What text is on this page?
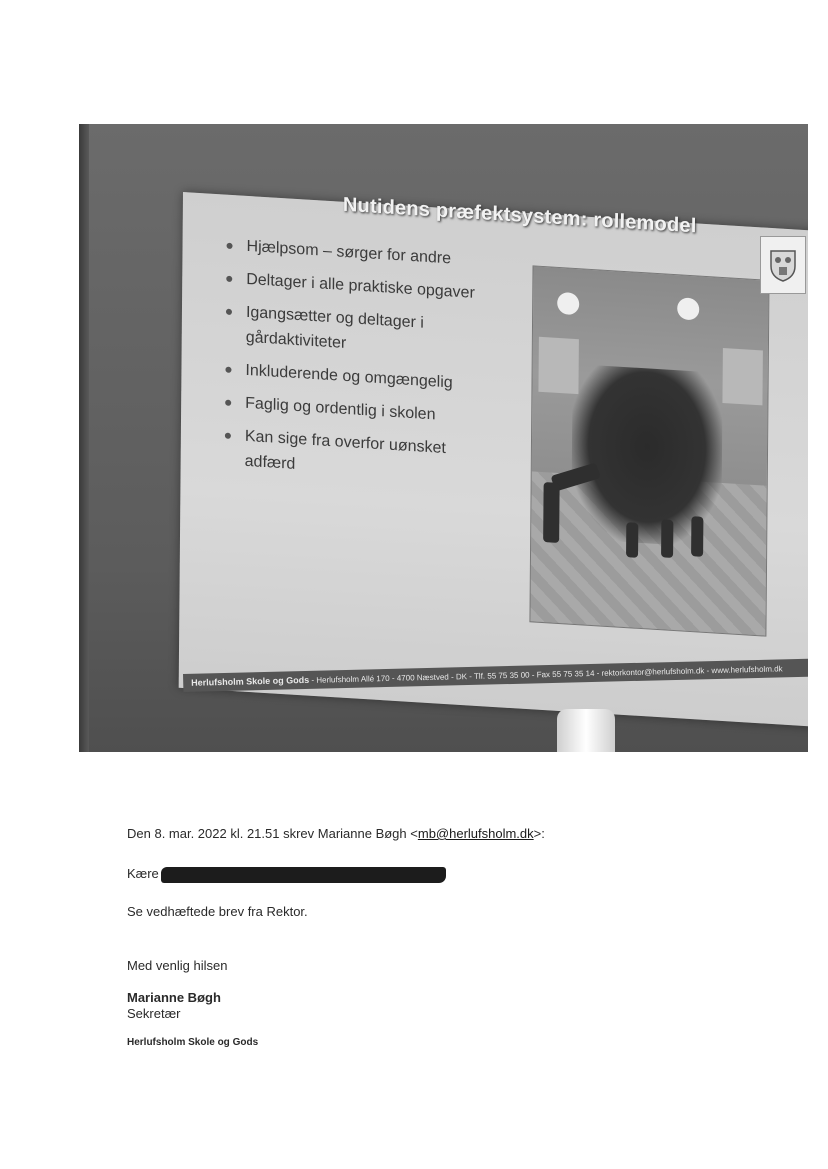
Nutidens præfektsystem: rollemodel
Hjælpsom – sørger for andre
Deltager i alle praktiske opgaver
Igangsætter og deltager i gårdaktiviteter
Inkluderende og omgængelig
Faglig og ordentlig i skolen
Kan sige fra overfor uønsket adfærd
Herlufsholm Skole og Gods - Herlufsholm Allé 170 - 4700 Næstved - DK - Tlf. 55 75 35 00 - Fax 55 75 35 14 - rektorkontor@herlufsholm.dk - www.herlufsholm.dk
Den 8. mar. 2022 kl. 21.51 skrev Marianne Bøgh <mb@herlufsholm.dk>:
Kære
Se vedhæftede brev fra Rektor.
Med venlig hilsen
Marianne Bøgh
Sekretær
Herlufsholm Skole og Gods
